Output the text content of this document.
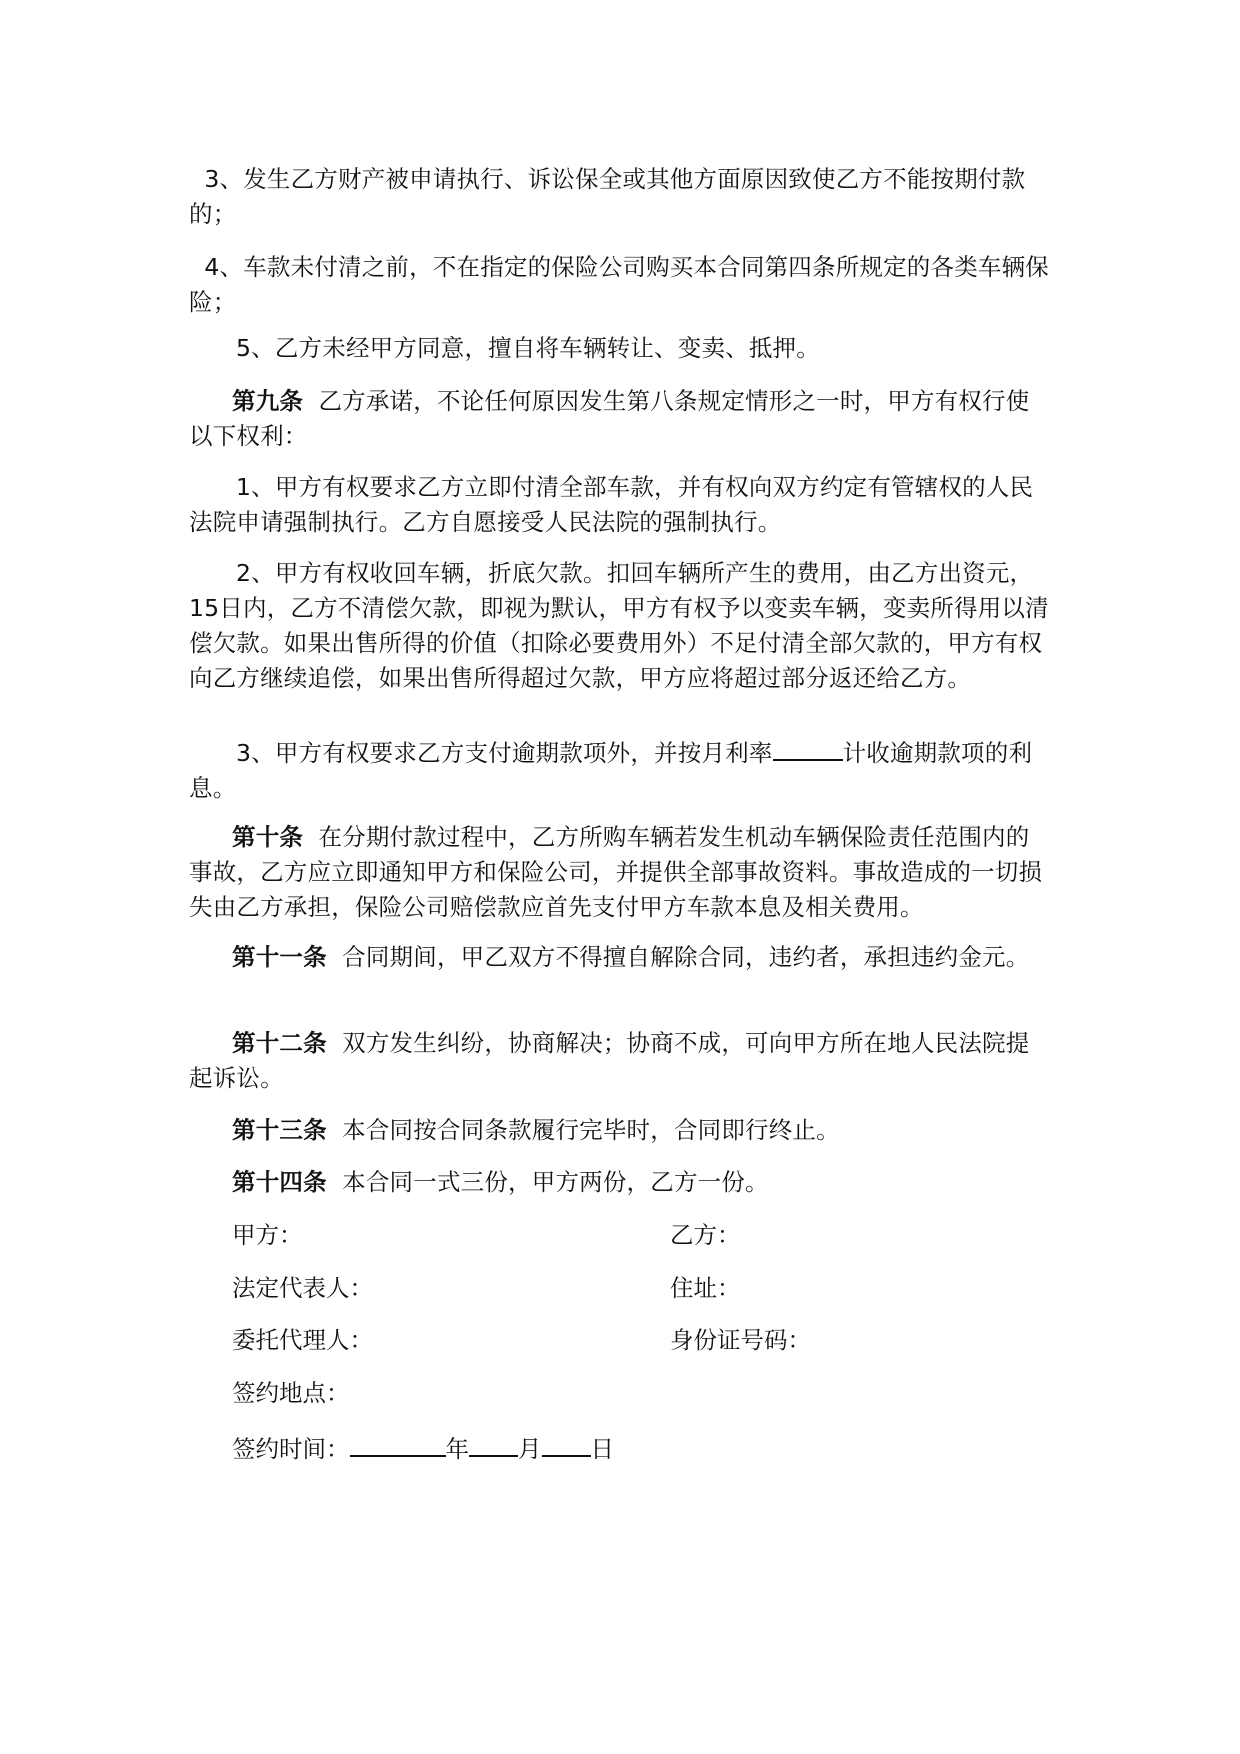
3、发生乙方财产被申请执行、诉讼保全或其他方面原因致使乙方不能按期付款的；

4、车款未付清之前，不在指定的保险公司购买本合同第四条所规定的各类车辆保险；

5、乙方未经甲方同意，擅自将车辆转让、变卖、抵押。

第九条 乙方承诺，不论任何原因发生第八条规定情形之一时，甲方有权行使以下权利：

1、甲方有权要求乙方立即付清全部车款，并有权向双方约定有管辖权的人民法院申请强制执行。乙方自愿接受人民法院的强制执行。

2、甲方有权收回车辆，折底欠款。扣回车辆所产生的费用，由乙方出资元，15日内，乙方不清偿欠款，即视为默认，甲方有权予以变卖车辆，变卖所得用以清偿欠款。如果出售所得的价值（扣除必要费用外）不足付清全部欠款的，甲方有权向乙方继续追偿，如果出售所得超过欠款，甲方应将超过部分返还给乙方。

3、甲方有权要求乙方支付逾期款项外，并按月利率	计收逾期款项的利息。

第十条 在分期付款过程中，乙方所购车辆若发生机动车辆保险责任范围内的事故，乙方应立即通知甲方和保险公司，并提供全部事故资料。事故造成的一切损失由乙方承担，保险公司赔偿款应首先支付甲方车款本息及相关费用。

第十一条 合同期间，甲乙双方不得擅自解除合同，违约者，承担违约金元。

第十二条 双方发生纠纷，协商解决；协商不成，可向甲方所在地人民法院提起诉讼。

第十三条 本合同按合同条款履行完毕时，合同即行终止。

第十四条 本合同一式三份，甲方两份，乙方一份。

甲方：	乙方：

法定代表人：	住址：

委托代理人：	身份证号码：

签约地点：

签约时间：	年 月 日
